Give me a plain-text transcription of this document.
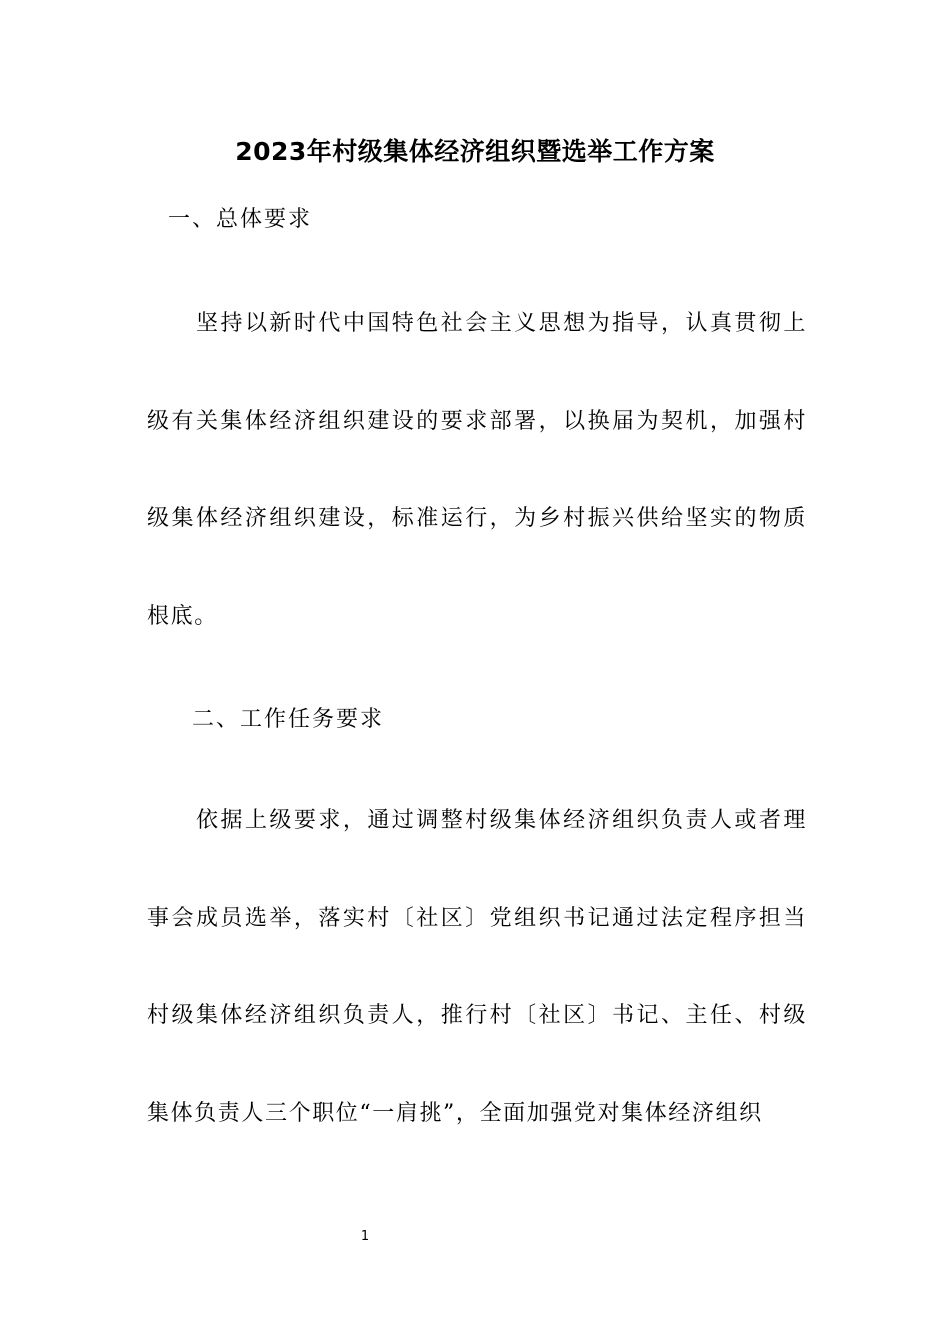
2023年村级集体经济组织暨选举工作方案
一、总体要求

坚持以新时代中国特色社会主义思想为指导，认真贯彻上级有关集体经济组织建设的要求部署，以换届为契机，加强村级集体经济组织建设，标准运行，为乡村振兴供给坚实的物质根底。

二、工作任务要求

依据上级要求，通过调整村级集体经济组织负责人或者理事会成员选举，落实村〔社区〕党组织书记通过法定程序担当村级集体经济组织负责人，推行村〔社区〕书记、主任、村级集体负责人三个职位“一肩挑”，全面加强党对集体经济组织

1
